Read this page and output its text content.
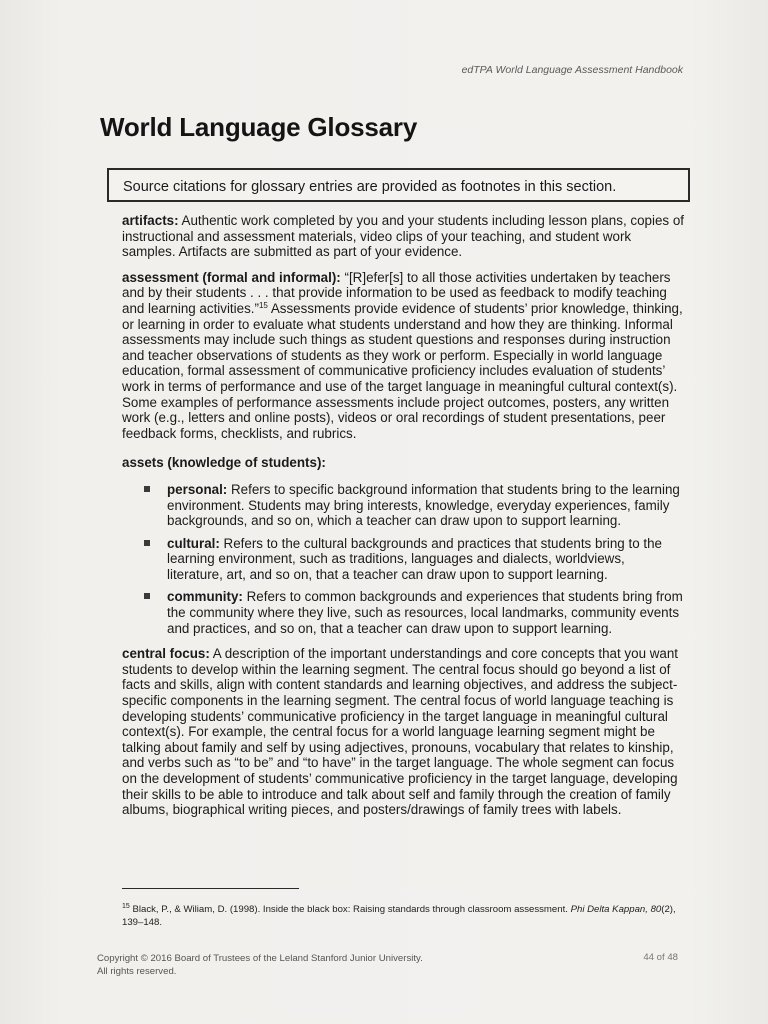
edTPA World Language Assessment Handbook
World Language Glossary
Source citations for glossary entries are provided as footnotes in this section.

artifacts: Authentic work completed by you and your students including lesson plans, copies of instructional and assessment materials, video clips of your teaching, and student work samples. Artifacts are submitted as part of your evidence.

assessment (formal and informal): “[R]efer[s] to all those activities undertaken by teachers and by their students . . . that provide information to be used as feedback to modify teaching and learning activities.”$^{15}$ Assessments provide evidence of students’ prior knowledge, thinking, or learning in order to evaluate what students understand and how they are thinking. Informal assessments may include such things as student questions and responses during instruction and teacher observations of students as they work or perform. Especially in world language education, formal assessment of communicative proficiency includes evaluation of students’ work in terms of performance and use of the target language in meaningful cultural context(s). Some examples of performance assessments include project outcomes, posters, any written work (e.g., letters and online posts), videos or oral recordings of student presentations, peer feedback forms, checklists, and rubrics.

assets (knowledge of students):
personal: Refers to specific background information that students bring to the learning environment. Students may bring interests, knowledge, everyday experiences, family backgrounds, and so on, which a teacher can draw upon to support learning.
cultural: Refers to the cultural backgrounds and practices that students bring to the learning environment, such as traditions, languages and dialects, worldviews, literature, art, and so on, that a teacher can draw upon to support learning.
community: Refers to common backgrounds and experiences that students bring from the community where they live, such as resources, local landmarks, community events and practices, and so on, that a teacher can draw upon to support learning.

central focus: A description of the important understandings and core concepts that you want students to develop within the learning segment. The central focus should go beyond a list of facts and skills, align with content standards and learning objectives, and address the subject-specific components in the learning segment. The central focus of world language teaching is developing students’ communicative proficiency in the target language in meaningful cultural context(s). For example, the central focus for a world language learning segment might be talking about family and self by using adjectives, pronouns, vocabulary that relates to kinship, and verbs such as “to be” and “to have” in the target language. The whole segment can focus on the development of students’ communicative proficiency in the target language, developing their skills to be able to introduce and talk about self and family through the creation of family albums, biographical writing pieces, and posters/drawings of family trees with labels.

$^{15}$ Black, P., & Wiliam, D. (1998). Inside the black box: Raising standards through classroom assessment. Phi Delta Kappan, 80(2), 139–148.
Copyright © 2016 Board of Trustees of the Leland Stanford Junior University.
All rights reserved.
44 of 48
